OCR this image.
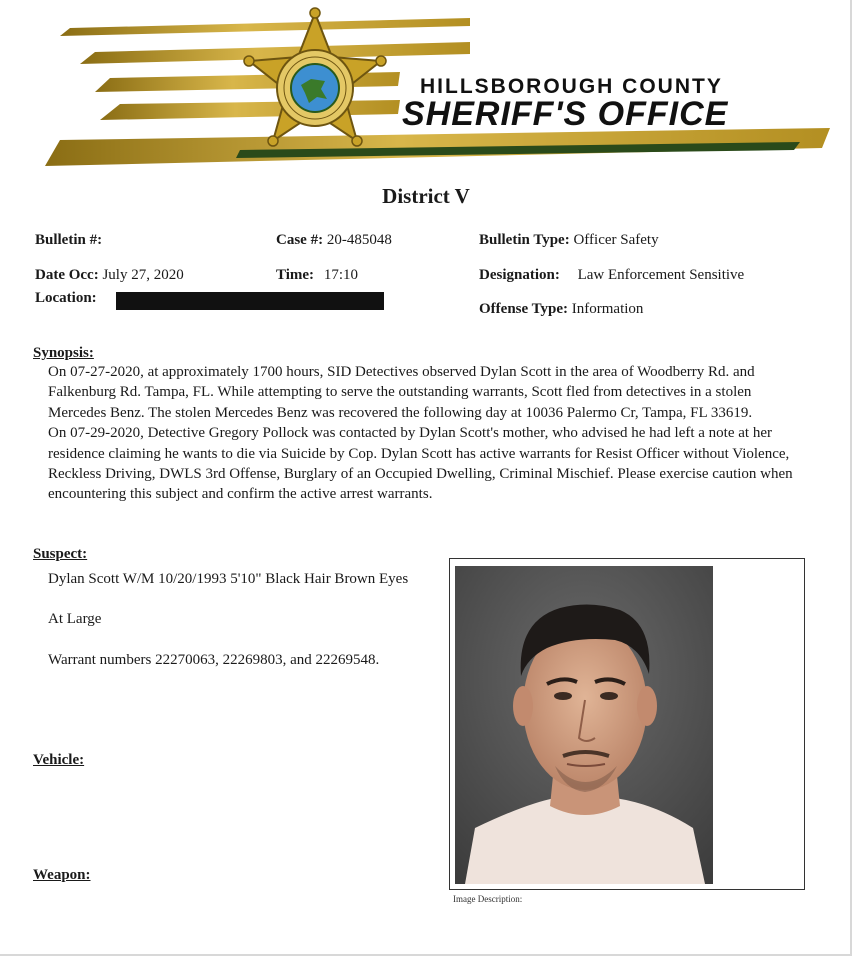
HILLSBOROUGH COUNTY
SHERIFF'S OFFICE
District V
Bulletin #:	Case #: 20-485048	Bulletin Type: Officer Safety
Date Occ: July 27, 2020	Time: 17:10	Designation: Law Enforcement Sensitive
Location:
Offense Type: Information
Synopsis:

On 07-27-2020, at approximately 1700 hours, SID Detectives observed Dylan Scott in the area of Woodberry Rd. and Falkenburg Rd. Tampa, FL. While attempting to serve the outstanding warrants, Scott fled from detectives in a stolen Mercedes Benz. The stolen Mercedes Benz was recovered the following day at 10036 Palermo Cr, Tampa, FL 33619.

On 07-29-2020, Detective Gregory Pollock was contacted by Dylan Scott's mother, who advised he had left a note at her residence claiming he wants to die via Suicide by Cop. Dylan Scott has active warrants for Resist Officer without Violence, Reckless Driving, DWLS 3rd Offense, Burglary of an Occupied Dwelling, Criminal Mischief. Please exercise caution when encountering this subject and confirm the active arrest warrants.

Suspect:

Dylan Scott W/M 10/20/1993 5'10" Black Hair Brown Eyes

At Large

Warrant numbers 22270063, 22269803, and 22269548.

Vehicle:
Weapon:
Image Description:
